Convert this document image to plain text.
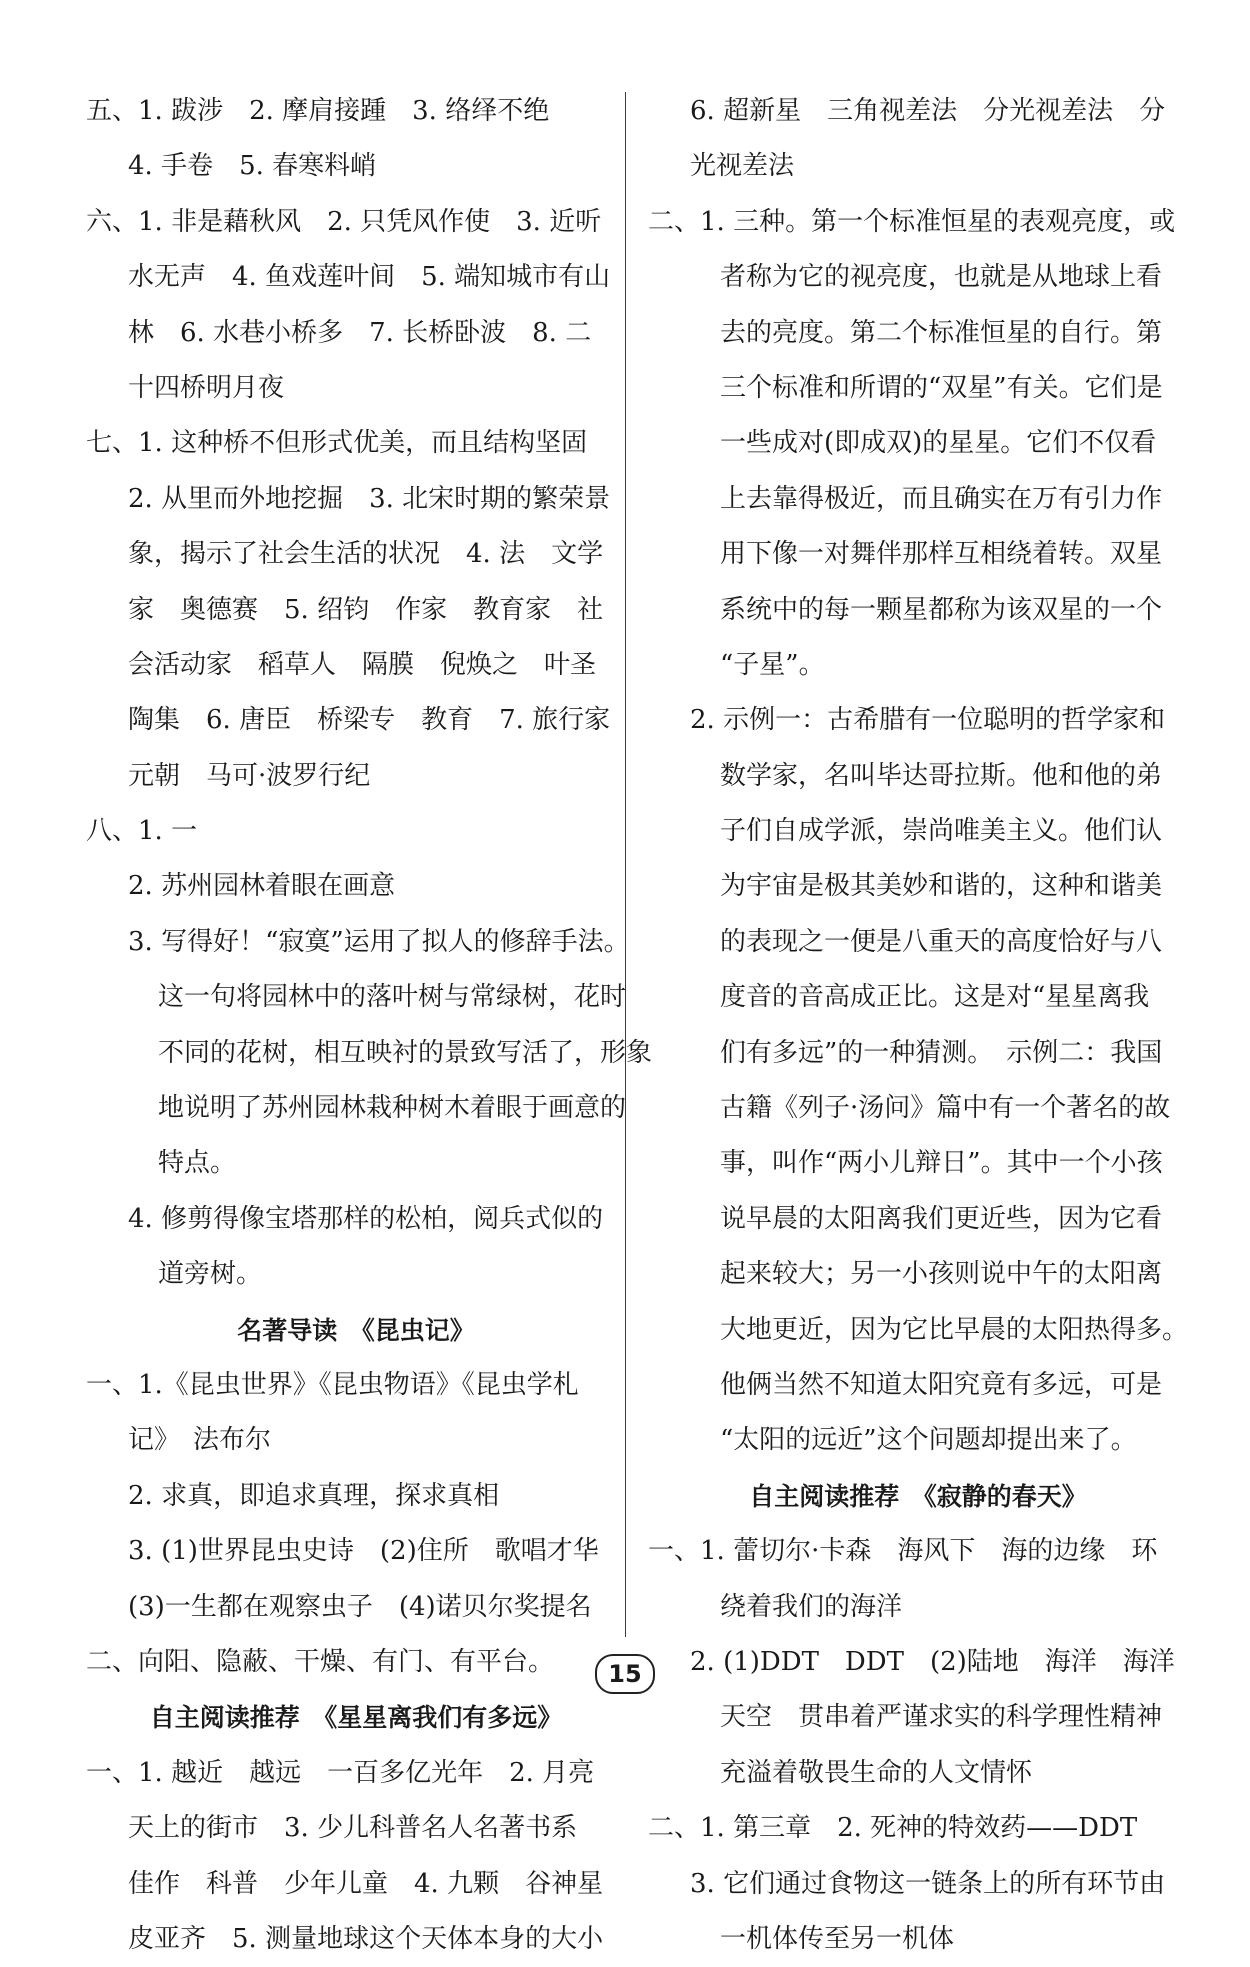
五、1. 跋涉　2. 摩肩接踵　3. 络绎不绝
4. 手卷　5. 春寒料峭
六、1. 非是藉秋风　2. 只凭风作使　3. 近听
水无声　4. 鱼戏莲叶间　5. 端知城市有山
林　6. 水巷小桥多　7. 长桥卧波　8. 二
十四桥明月夜
七、1. 这种桥不但形式优美，而且结构坚固
2. 从里而外地挖掘　3. 北宋时期的繁荣景
象，揭示了社会生活的状况　4. 法　文学
家　奥德赛　5. 绍钧　作家　教育家　社
会活动家　稻草人　隔膜　倪焕之　叶圣
陶集　6. 唐臣　桥梁专　教育　7. 旅行家
元朝　马可·波罗行纪
八、1. 一
2. 苏州园林着眼在画意
3. 写得好！“寂寞”运用了拟人的修辞手法。
这一句将园林中的落叶树与常绿树，花时
不同的花树，相互映衬的景致写活了，形象
地说明了苏州园林栽种树木着眼于画意的
特点。
4. 修剪得像宝塔那样的松柏，阅兵式似的
道旁树。
名著导读　《昆虫记》
一、1.《昆虫世界》《昆虫物语》《昆虫学札
记》　法布尔
2. 求真，即追求真理，探求真相
3. (1)世界昆虫史诗　(2)住所　歌唱才华
(3)一生都在观察虫子　(4)诺贝尔奖提名
二、向阳、隐蔽、干燥、有门、有平台。
自主阅读推荐　《星星离我们有多远》
一、1. 越近　越远　一百多亿光年　2. 月亮
天上的街市　3. 少儿科普名人名著书系
佳作　科普　少年儿童　4. 九颗　谷神星
皮亚齐　5. 测量地球这个天体本身的大小
6. 超新星　三角视差法　分光视差法　分
光视差法
二、1. 三种。第一个标准恒星的表观亮度，或
者称为它的视亮度，也就是从地球上看
去的亮度。第二个标准恒星的自行。第
三个标准和所谓的“双星”有关。它们是
一些成对(即成双)的星星。它们不仅看
上去靠得极近，而且确实在万有引力作
用下像一对舞伴那样互相绕着转。双星
系统中的每一颗星都称为该双星的一个
“子星”。
2. 示例一：古希腊有一位聪明的哲学家和
数学家，名叫毕达哥拉斯。他和他的弟
子们自成学派，崇尚唯美主义。他们认
为宇宙是极其美妙和谐的，这种和谐美
的表现之一便是八重天的高度恰好与八
度音的音高成正比。这是对“星星离我
们有多远”的一种猜测。　示例二：我国
古籍《列子·汤问》篇中有一个著名的故
事，叫作“两小儿辩日”。其中一个小孩
说早晨的太阳离我们更近些，因为它看
起来较大；另一小孩则说中午的太阳离
大地更近，因为它比早晨的太阳热得多。
他俩当然不知道太阳究竟有多远，可是
“太阳的远近”这个问题却提出来了。
自主阅读推荐　《寂静的春天》
一、1. 蕾切尔·卡森　海风下　海的边缘　环
绕着我们的海洋
2. (1)DDT　DDT　(2)陆地　海洋　海洋
天空　贯串着严谨求实的科学理性精神
充溢着敬畏生命的人文情怀
二、1. 第三章　2. 死神的特效药——DDT
3. 它们通过食物这一链条上的所有环节由
一机体传至另一机体
15
